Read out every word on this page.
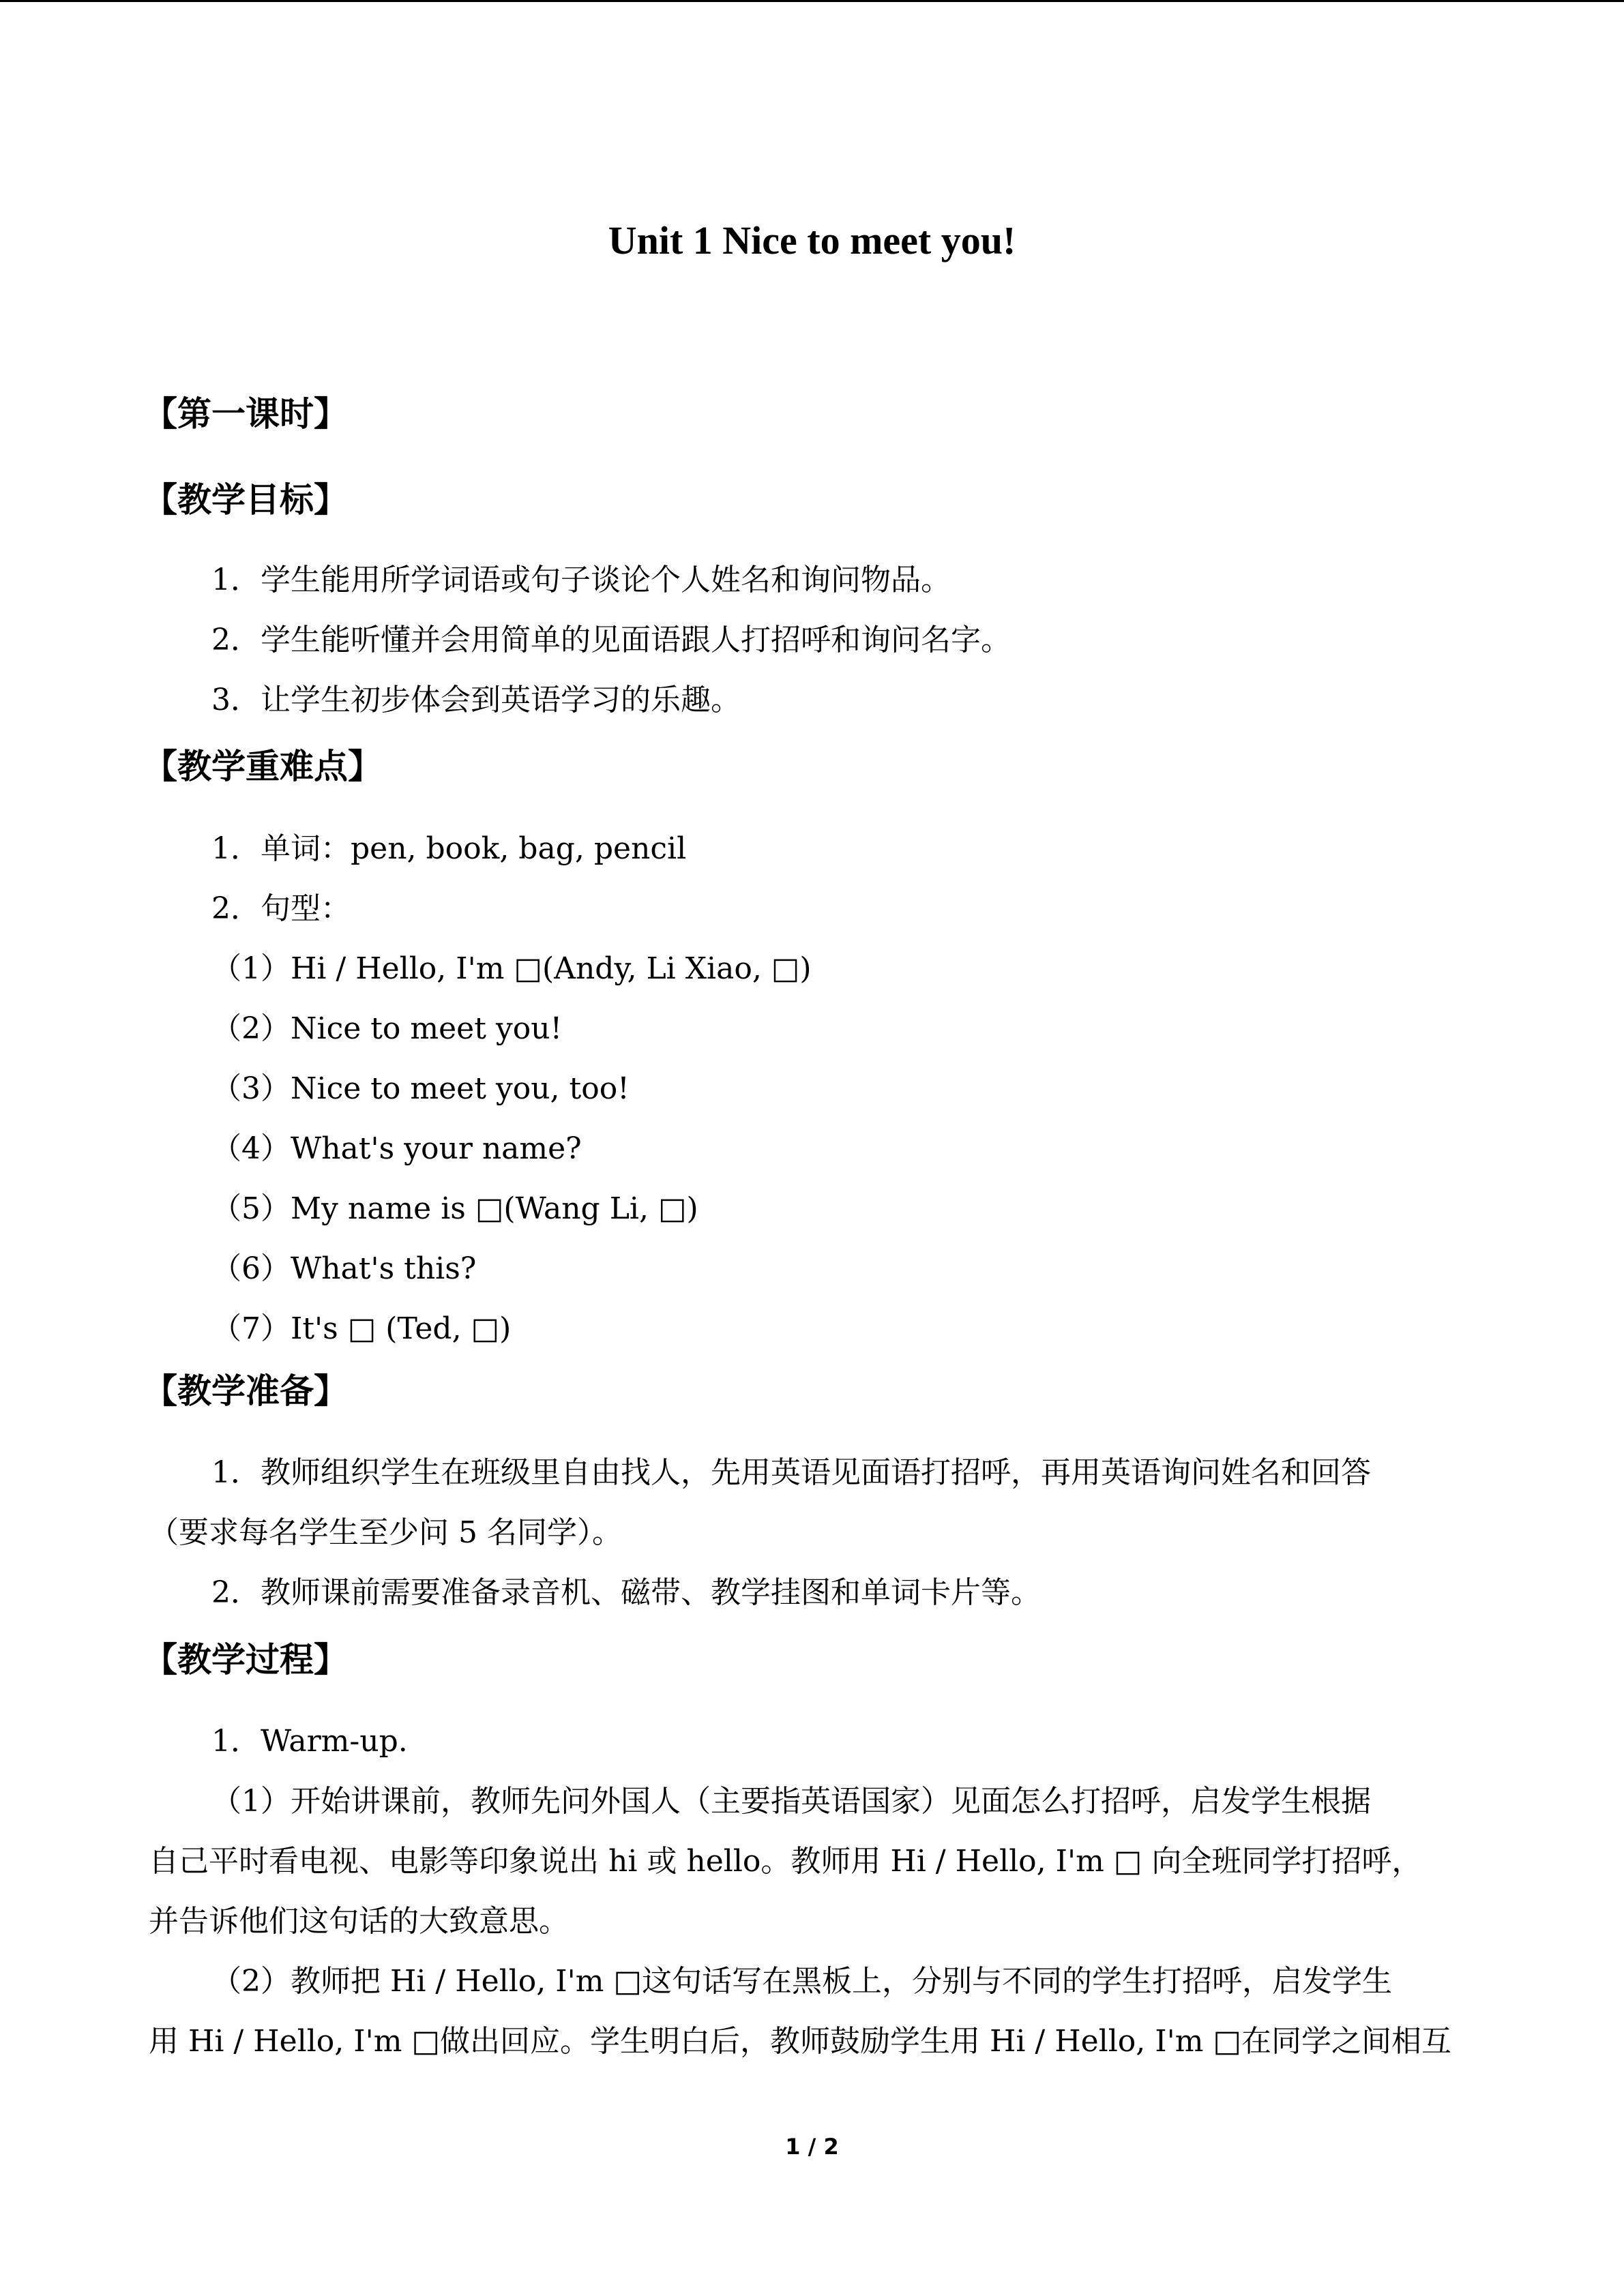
Unit 1 Nice to meet you!
【第一课时】
【教学目标】
1．学生能用所学词语或句子谈论个人姓名和询问物品。
2．学生能听懂并会用简单的见面语跟人打招呼和询问名字。
3．让学生初步体会到英语学习的乐趣。
【教学重难点】
1．单词：pen, book, bag, pencil
2．句型：
（1）Hi / Hello, I'm □(Andy, Li Xiao, □)
（2）Nice to meet you!
（3）Nice to meet you, too!
（4）What's your name?
（5）My name is □(Wang Li, □)
（6）What's this?
（7）It's □ (Ted, □)
【教学准备】
1．教师组织学生在班级里自由找人，先用英语见面语打招呼，再用英语询问姓名和回答
（要求每名学生至少问 5 名同学）。
2．教师课前需要准备录音机、磁带、教学挂图和单词卡片等。
【教学过程】
1．Warm-up.
（1）开始讲课前，教师先问外国人（主要指英语国家）见面怎么打招呼，启发学生根据
自己平时看电视、电影等印象说出 hi 或 hello。教师用 Hi / Hello, I'm □ 向全班同学打招呼，
并告诉他们这句话的大致意思。
（2）教师把 Hi / Hello, I'm □这句话写在黑板上，分别与不同的学生打招呼，启发学生
用 Hi / Hello, I'm □做出回应。学生明白后，教师鼓励学生用 Hi / Hello, I'm □在同学之间相互
1 / 2
